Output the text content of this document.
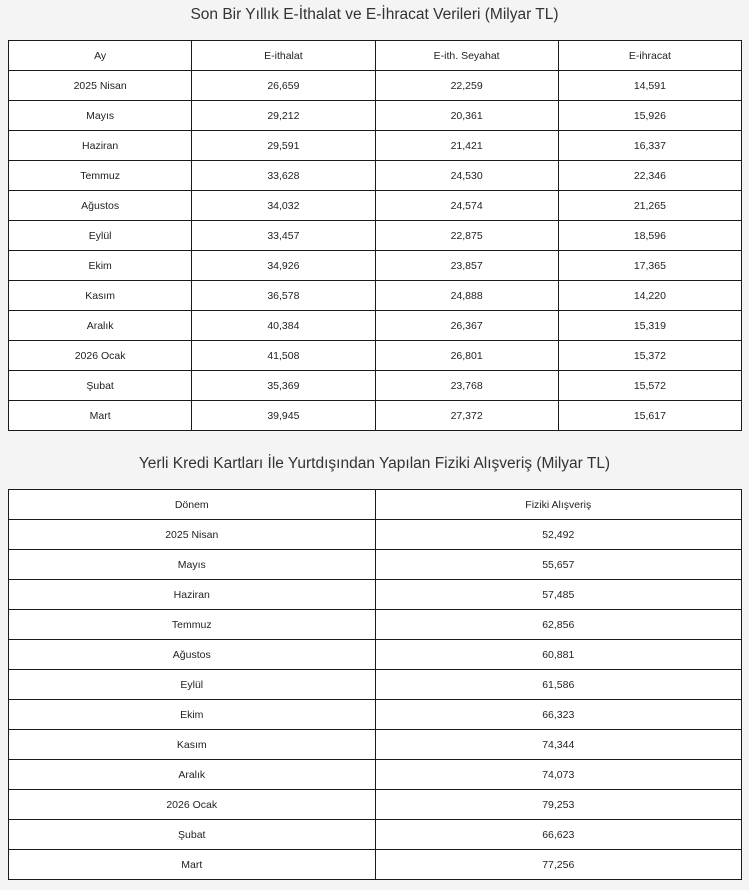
Son Bir Yıllık E-İthalat ve E-İhracat Verileri (Milyar TL)
Ay	E-ithalat	E-ith. Seyahat	E-ihracat
2025 Nisan	26,659	22,259	14,591
Mayıs	29,212	20,361	15,926
Haziran	29,591	21,421	16,337
Temmuz	33,628	24,530	22,346
Ağustos	34,032	24,574	21,265
Eylül	33,457	22,875	18,596
Ekim	34,926	23,857	17,365
Kasım	36,578	24,888	14,220
Aralık	40,384	26,367	15,319
2026 Ocak	41,508	26,801	15,372
Şubat	35,369	23,768	15,572
Mart	39,945	27,372	15,617
Yerli Kredi Kartları İle Yurtdışından Yapılan Fiziki Alışveriş (Milyar TL)
Dönem	Fiziki Alışveriş
2025 Nisan	52,492
Mayıs	55,657
Haziran	57,485
Temmuz	62,856
Ağustos	60,881
Eylül	61,586
Ekim	66,323
Kasım	74,344
Aralık	74,073
2026 Ocak	79,253
Şubat	66,623
Mart	77,256
